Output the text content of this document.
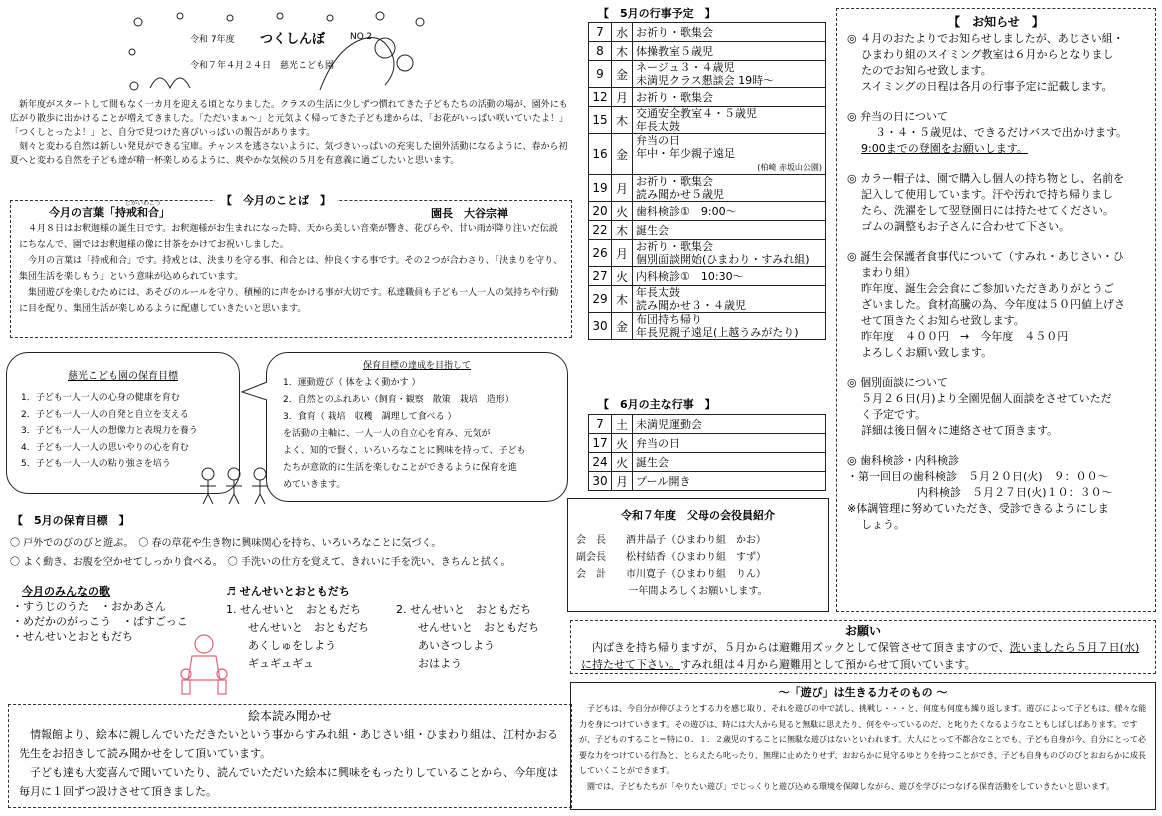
令和 7年度 つくしんぼ	NO.2
令和７年４月２４日　慈光こども園

新年度がスタートして間もなく一カ月を迎える頃となりました。クラスの生活に少しずつ慣れてきた子どもたちの活動の場が、園外にも広がり散歩に出かけることが増えてきました。「ただいまぁ～」と元気よく帰ってきた子ども達からは、「お花がいっぱい咲いていたよ！」「つくしとったよ！」と、自分で見つけた喜びいっぱいの報告があります。

刻々と変わる自然は新しい発見ができる宝庫。チャンスを逃さないように、気づきいっぱいの充実した園外活動になるように、春から初夏へと変わる自然を子ども達が精一杯楽しめるように、爽やかな気候の５月を有意義に過ごしたいと思います。

今月の言葉「持戒和合」	園長　大谷宗禅

４月８日はお釈迦様の誕生日です。お釈迦様がお生まれになった時、天から美しい音楽が響き、花びらや、甘い雨が降り注いだ伝説にちなんで、園ではお釈迦様の像に甘茶をかけてお祝いしました。

今月の言葉は「持戒和合」です。持戒とは、決まりを守る事、和合とは、仲良くする事です。その２つが合わさり、「決まりを守り、集団生活を楽しもう」という意味が込められています。

集団遊びを楽しむためには、あそびのルールを守り、積極的に声をかける事が大切です。私達職員も子ども一人一人の気持ちや行動に目を配り、集団生活が楽しめるように配慮していきたいと思います。

【　今月のことば　】
じかいわごう
慈光こども園の保育目標
1．子ども一人一人の心身の健康を育む
2．子ども一人一人の自発と自立を支える
3．子ども一人一人の想像力と表現力を養う
4．子ども一人一人の思いやりの心を育む
5．子ども一人一人の粘り強さを培う
保育目標の達成を目指して
1．運動遊び（ 体をよく動かす ）
2．自然とのふれあい（飼育・観察　散策　栽培　造形）
3．食育（ 栽培　収穫　調理して食べる ）
を活動の主軸に、一人一人の自立心を育み、元気が
よく、知的で賢く、いろいろなことに興味を持って、子ども
たちが意欲的に生活を楽しむことができるように保育を進
めていきます。
【　5月の保育目標　】
〇 戸外でのびのびと遊ぶ。　〇 春の草花や生き物に興味関心を持ち、いろいろなことに気づく。
〇 よく動き、お腹を空かせてしっかり食べる。　〇 手洗いの仕方を覚えて、きれいに手を洗い、きちんと拭く。
今月のみんなの歌
・すうじのうた　・おかあさん
・めだかのがっこう　・ぱすごっこ
・せんせいとおともだち
♬ せんせいとおともだち
1. せんせいと　おともだち
せんせいと　おともだち
あくしゅをしよう
ギュギュギュ
2. せんせいと　おともだち
せんせいと　おともだち
あいさつしよう
おはよう
絵本読み聞かせ

情報館より、絵本に親しんでいただきたいという事からすみれ組・あじさい組・ひまわり組は、江村かおる先生をお招きして読み聞かせをして頂いています。

子ども達も大変喜んで聞いていたり、読んでいただいた絵本に興味をもったりしていることから、今年度は毎月に１回ずつ設けさせて頂きました。

【　5月の行事予定　】
7	水	お祈り・歌集会

8	木	体操教室５歳児

9	金	ネージュ３・４歳児
未満児クラス懇談会 19時～

12	月	お祈り・歌集会

15	木	交通安全教室４・５歳児
年長太鼓

16	金	弁当の日
年中・年少親子遠足
(柏崎 赤坂山公園)

19	月	お祈り・歌集会
読み聞かせ５歳児

20	火	歯科検診①　9:00～

22	木	誕生会

26	月	お祈り・歌集会
個別面談開始(ひまわり・すみれ組)

27	火	内科検診①　10:30～

29	木	年長太鼓
読み聞かせ３・４歳児

30	金	布団持ち帰り
年長児親子遠足(上越うみがたり)
【　6月の主な行事　】
7	土	未満児運動会

17	火	弁当の日

24	火	誕生会

30	月	プール開き
令和７年度　父母の会役員紹介
会　長　　酒井晶子（ひまわり組　かお）
副会長　　松村結香（ひまわり組　すず）
会　計　　市川寛子（ひまわり組　りん）
一年間よろしくお願いします。
【　お知らせ　】

◎ ４月のおたよりでお知らせしましたが、あじさい組・

ひまわり組のスイミング教室は６月からとなりまし

たのでお知らせ致します。

スイミングの日程は各月の行事予定に記載します。

◎ 弁当の日について

３・４・５歳児は、できるだけバスで出かけます。

9:00までの登園をお願いします。

◎ カラー帽子は、園で購入し個人の持ち物とし、名前を

記入して使用しています。汗や汚れで持ち帰りまし

たら、洗濯をして翌登園日には持たせてください。

ゴムの調整もお子さんに合わせて下さい。

◎ 誕生会保護者食事代について（すみれ・あじさい・ひ

まわり組）

昨年度、誕生会会食にご参加いただきありがとうご

ざいました。食材高騰の為、今年度は５０円値上げさ

せて頂きたくお知らせ致します。

昨年度　４００円　→　今年度　４５０円

よろしくお願い致します。

◎ 個別面談について

５月２６日(月)より全園児個人面談をさせていただ

く予定です。

詳細は後日個々に連絡させて頂きます。

◎ 歯科検診・内科検診

・第一回目の歯科検診　５月２０日(火)　９：００～

内科検診　５月２７日(火)１０：３０～

※体調管理に努めていただき、受診できるようにしま

しょう。

お願い
内ばきを持ち帰りますが、５月からは避難用ズックとして保管させて頂きますので、洗いましたら５月７日(水)に持たせて下さい。すみれ組は４月から避難用として預からせて頂いています。
～「遊び」は生きる力そのもの ～

子どもは、今自分が伸びようとする力を感じ取り、それを遊びの中で試し、挑戦し・・・と、何度も何度も繰り返します。遊びによって子どもは、様々な能力を身につけていきます。その遊びは、時には大人から見ると無駄に思えたり、何をやっているのだ、と叱りたくなるようなこともしばしばあります。ですが、子どものすること＝特に０．１．２歳児のすることに無駄な遊びはないといわれます。大人にとって不都合なことでも、子ども自身が今、自分にとって必要な力をつけている行為と、とらえたら叱ったり、無理に止めたりせず、おおらかに見守るゆとりを持つことができ、子ども自身ものびのびとおおらかに成長していくことができます。

園では、子どもたちが「やりたい遊び」でじっくりと遊び込める環境を保障しながら、遊びを学びにつなげる保育活動をしていきたいと思います。
